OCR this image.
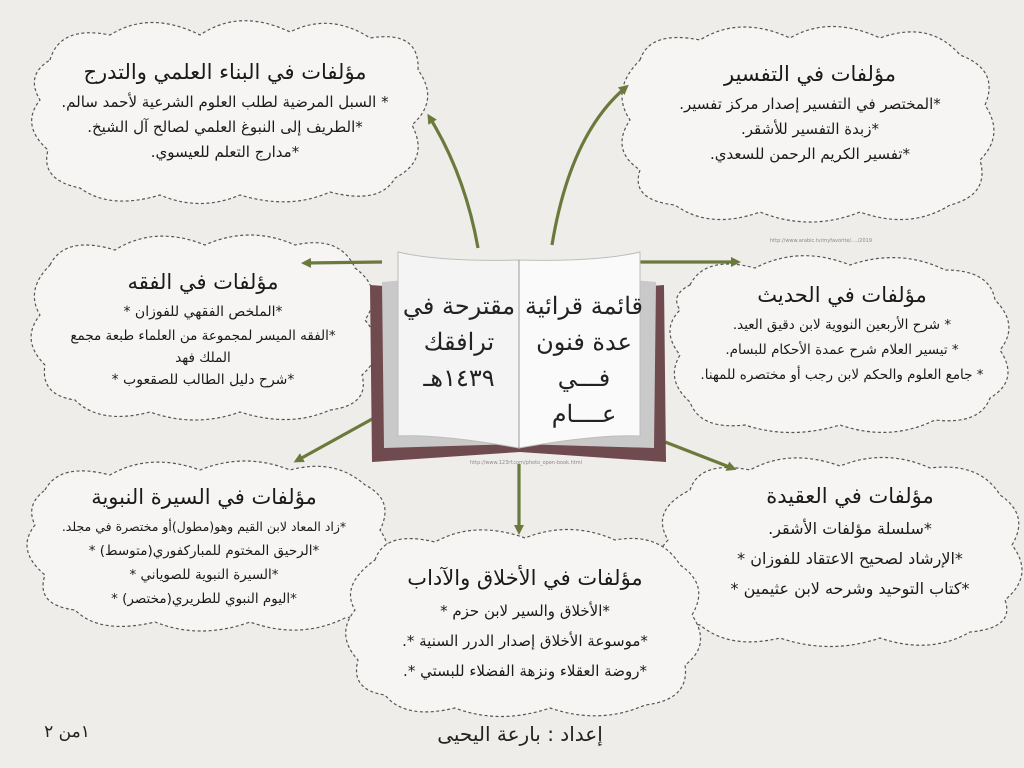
http://www.arabic.tv/myfavorite/..../2019
http://www.123rf.com/photo_open-book.html
قائمة قرائية
عدة فنون
فـــي عــــام
مقترحة في
ترافقك
١٤٣٩هـ
مؤلفات في البناء العلمي والتدرج
* السبل المرضية لطلب العلوم الشرعية لأحمد سالم.
*الطريف إلى النبوغ العلمي لصالح آل الشيخ.
*مدارج التعلم للعيسوي.
مؤلفات في التفسير
*المختصر في التفسير إصدار مركز تفسير.
*زبدة التفسير للأشقر.
*تفسير الكريم الرحمن للسعدي.
مؤلفات في الفقه
*الملخص الفقهي للفوزان *
*الفقه الميسر لمجموعة من العلماء طبعة مجمع
الملك فهد
*شرح دليل الطالب للصقعوب *
مؤلفات في الحديث
* شرح الأربعين النووية لابن دقيق العيد.
* تيسير العلام شرح عمدة الأحكام للبسام.
* جامع العلوم والحكم لابن رجب أو مختصره للمهنا.
مؤلفات في السيرة النبوية
*زاد المعاد لابن القيم وهو(مطول)أو مختصرة في مجلد.
*الرحيق المختوم للمباركفوري(متوسط) *
*السيرة النبوية للصوياني *
*اليوم النبوي للطريري(مختصر) *
مؤلفات في العقيدة
*سلسلة مؤلفات الأشقر.
*الإرشاد لصحيح الاعتقاد للفوزان *
*كتاب التوحيد وشرحه لابن عثيمين *
مؤلفات في الأخلاق والآداب
*الأخلاق والسير لابن حزم *
*موسوعة الأخلاق إصدار الدرر السنية *.
*روضة العقلاء ونزهة الفضلاء للبستي *.
إعداد : بارعة اليحيى
١من ٢
